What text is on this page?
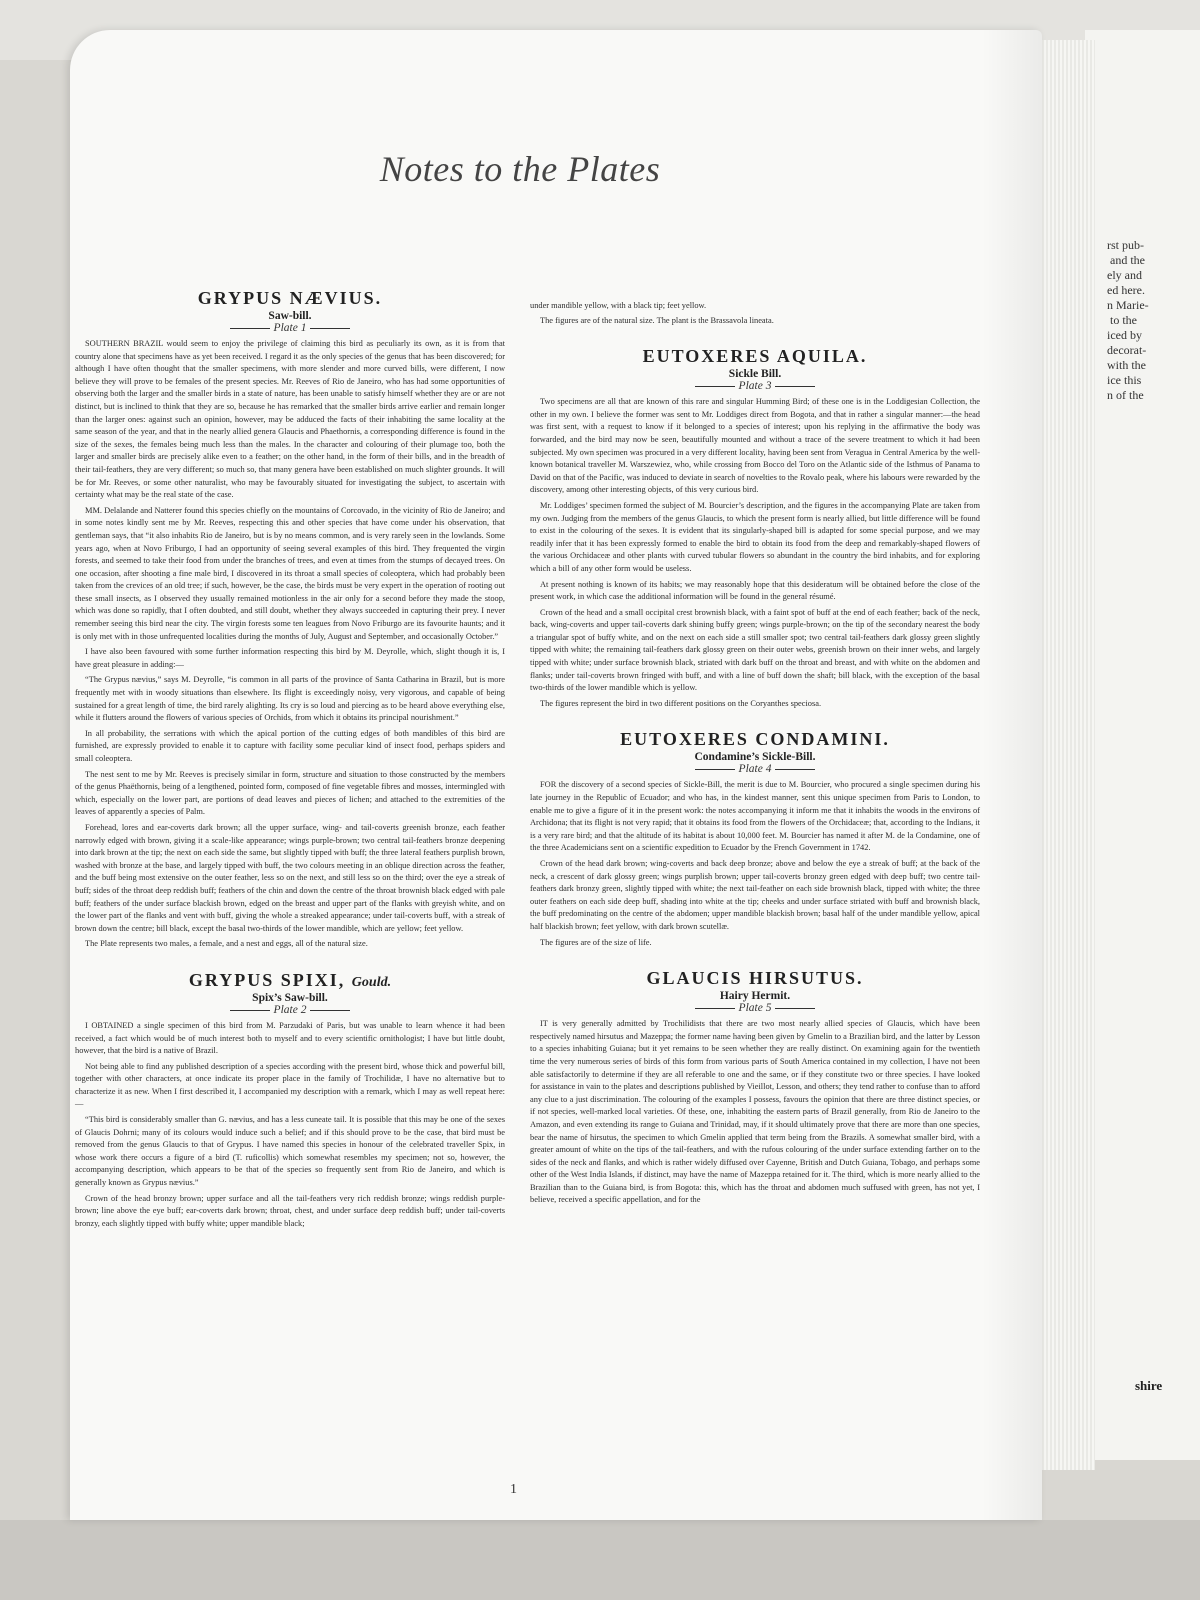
rst pub-
and the
ely and
ed here.
n Marie-
to the
iced by
decorat-
with the
ice this
n of the
shire
Notes to the Plates
GRYPUS NÆVIUS.
Saw-bill.
Plate 1

SOUTHERN BRAZIL would seem to enjoy the privilege of claiming this bird as peculiarly its own, as it is from that country alone that specimens have as yet been received. I regard it as the only species of the genus that has been discovered; for although I have often thought that the smaller specimens, with more slender and more curved bills, were different, I now believe they will prove to be females of the present species. Mr. Reeves of Rio de Janeiro, who has had some opportunities of observing both the larger and the smaller birds in a state of nature, has been unable to satisfy himself whether they are or are not distinct, but is inclined to think that they are so, because he has remarked that the smaller birds arrive earlier and remain longer than the larger ones: against such an opinion, however, may be adduced the facts of their inhabiting the same locality at the same season of the year, and that in the nearly allied genera Glaucis and Phaethornis, a corresponding difference is found in the size of the sexes, the females being much less than the males. In the character and colouring of their plumage too, both the larger and smaller birds are precisely alike even to a feather; on the other hand, in the form of their bills, and in the breadth of their tail-feathers, they are very different; so much so, that many genera have been established on much slighter grounds. It will be for Mr. Reeves, or some other naturalist, who may be favourably situated for investigating the subject, to ascertain with certainty what may be the real state of the case.

MM. Delalande and Natterer found this species chiefly on the mountains of Corcovado, in the vicinity of Rio de Janeiro; and in some notes kindly sent me by Mr. Reeves, respecting this and other species that have come under his observation, that gentleman says, that “it also inhabits Rio de Janeiro, but is by no means common, and is very rarely seen in the lowlands. Some years ago, when at Novo Friburgo, I had an opportunity of seeing several examples of this bird. They frequented the virgin forests, and seemed to take their food from under the branches of trees, and even at times from the stumps of decayed trees. On one occasion, after shooting a fine male bird, I discovered in its throat a small species of coleoptera, which had probably been taken from the crevices of an old tree; if such, however, be the case, the birds must be very expert in the operation of rooting out these small insects, as I observed they usually remained motionless in the air only for a second before they made the stoop, which was done so rapidly, that I often doubted, and still doubt, whether they always succeeded in capturing their prey. I never remember seeing this bird near the city. The virgin forests some ten leagues from Novo Friburgo are its favourite haunts; and it is only met with in those unfrequented localities during the months of July, August and September, and occasionally October.”

I have also been favoured with some further information respecting this bird by M. Deyrolle, which, slight though it is, I have great pleasure in adding:—

“The Grypus nævius,” says M. Deyrolle, “is common in all parts of the province of Santa Catharina in Brazil, but is more frequently met with in woody situations than elsewhere. Its flight is exceedingly noisy, very vigorous, and capable of being sustained for a great length of time, the bird rarely alighting. Its cry is so loud and piercing as to be heard above everything else, while it flutters around the flowers of various species of Orchids, from which it obtains its principal nourishment.”

In all probability, the serrations with which the apical portion of the cutting edges of both mandibles of this bird are furnished, are expressly provided to enable it to capture with facility some peculiar kind of insect food, perhaps spiders and small coleoptera.

The nest sent to me by Mr. Reeves is precisely similar in form, structure and situation to those constructed by the members of the genus Phaëthornis, being of a lengthened, pointed form, composed of fine vegetable fibres and mosses, intermingled with which, especially on the lower part, are portions of dead leaves and pieces of lichen; and attached to the extremities of the leaves of apparently a species of Palm.

Forehead, lores and ear-coverts dark brown; all the upper surface, wing- and tail-coverts greenish bronze, each feather narrowly edged with brown, giving it a scale-like appearance; wings purple-brown; two central tail-feathers bronze deepening into dark brown at the tip; the next on each side the same, but slightly tipped with buff; the three lateral feathers purplish brown, washed with bronze at the base, and largely tipped with buff, the two colours meeting in an oblique direction across the feather, and the buff being most extensive on the outer feather, less so on the next, and still less so on the third; over the eye a streak of buff; sides of the throat deep reddish buff; feathers of the chin and down the centre of the throat brownish black edged with pale buff; feathers of the under surface blackish brown, edged on the breast and upper part of the flanks with greyish white, and on the lower part of the flanks and vent with buff, giving the whole a streaked appearance; under tail-coverts buff, with a streak of brown down the centre; bill black, except the basal two-thirds of the lower mandible, which are yellow; feet yellow.

The Plate represents two males, a female, and a nest and eggs, all of the natural size.

GRYPUS SPIXI, Gould.
Spix’s Saw-bill.
Plate 2

I OBTAINED a single specimen of this bird from M. Parzudaki of Paris, but was unable to learn whence it had been received, a fact which would be of much interest both to myself and to every scientific ornithologist; I have but little doubt, however, that the bird is a native of Brazil.

Not being able to find any published description of a species according with the present bird, whose thick and powerful bill, together with other characters, at once indicate its proper place in the family of Trochilidæ, I have no alternative but to characterize it as new. When I first described it, I accompanied my description with a remark, which I may as well repeat here:—

“This bird is considerably smaller than G. nævius, and has a less cuneate tail. It is possible that this may be one of the sexes of Glaucis Dohrni; many of its colours would induce such a belief; and if this should prove to be the case, that bird must be removed from the genus Glaucis to that of Grypus. I have named this species in honour of the celebrated traveller Spix, in whose work there occurs a figure of a bird (T. ruficollis) which somewhat resembles my specimen; not so, however, the accompanying description, which appears to be that of the species so frequently sent from Rio de Janeiro, and which is generally known as Grypus nævius.”

Crown of the head bronzy brown; upper surface and all the tail-feathers very rich reddish bronze; wings reddish purple-brown; line above the eye buff; ear-coverts dark brown; throat, chest, and under surface deep reddish buff; under tail-coverts bronzy, each slightly tipped with buffy white; upper mandible black;

under mandible yellow, with a black tip; feet yellow.

The figures are of the natural size. The plant is the Brassavola lineata.

EUTOXERES AQUILA.
Sickle Bill.
Plate 3

Two specimens are all that are known of this rare and singular Humming Bird; of these one is in the Loddigesian Collection, the other in my own. I believe the former was sent to Mr. Loddiges direct from Bogota, and that in rather a singular manner:—the head was first sent, with a request to know if it belonged to a species of interest; upon his replying in the affirmative the body was forwarded, and the bird may now be seen, beautifully mounted and without a trace of the severe treatment to which it had been subjected. My own specimen was procured in a very different locality, having been sent from Veragua in Central America by the well-known botanical traveller M. Warszewiez, who, while crossing from Bocco del Toro on the Atlantic side of the Isthmus of Panama to David on that of the Pacific, was induced to deviate in search of novelties to the Rovalo peak, where his labours were rewarded by the discovery, among other interesting objects, of this very curious bird.

Mr. Loddiges’ specimen formed the subject of M. Bourcier’s description, and the figures in the accompanying Plate are taken from my own. Judging from the members of the genus Glaucis, to which the present form is nearly allied, but little difference will be found to exist in the colouring of the sexes. It is evident that its singularly-shaped bill is adapted for some special purpose, and we may readily infer that it has been expressly formed to enable the bird to obtain its food from the deep and remarkably-shaped flowers of the various Orchidaceæ and other plants with curved tubular flowers so abundant in the country the bird inhabits, and for exploring which a bill of any other form would be useless.

At present nothing is known of its habits; we may reasonably hope that this desideratum will be obtained before the close of the present work, in which case the additional information will be found in the general résumé.

Crown of the head and a small occipital crest brownish black, with a faint spot of buff at the end of each feather; back of the neck, back, wing-coverts and upper tail-coverts dark shining buffy green; wings purple-brown; on the tip of the secondary nearest the body a triangular spot of buffy white, and on the next on each side a still smaller spot; two central tail-feathers dark glossy green slightly tipped with white; the remaining tail-feathers dark glossy green on their outer webs, greenish brown on their inner webs, and largely tipped with white; under surface brownish black, striated with dark buff on the throat and breast, and with white on the abdomen and flanks; under tail-coverts brown fringed with buff, and with a line of buff down the shaft; bill black, with the exception of the basal two-thirds of the lower mandible which is yellow.

The figures represent the bird in two different positions on the Coryanthes speciosa.

EUTOXERES CONDAMINI.
Condamine’s Sickle-Bill.
Plate 4

FOR the discovery of a second species of Sickle-Bill, the merit is due to M. Bourcier, who procured a single specimen during his late journey in the Republic of Ecuador; and who has, in the kindest manner, sent this unique specimen from Paris to London, to enable me to give a figure of it in the present work: the notes accompanying it inform me that it inhabits the woods in the environs of Archidona; that its flight is not very rapid; that it obtains its food from the flowers of the Orchidaceæ; that, according to the Indians, it is a very rare bird; and that the altitude of its habitat is about 10,000 feet. M. Bourcier has named it after M. de la Condamine, one of the three Academicians sent on a scientific expedition to Ecuador by the French Government in 1742.

Crown of the head dark brown; wing-coverts and back deep bronze; above and below the eye a streak of buff; at the back of the neck, a crescent of dark glossy green; wings purplish brown; upper tail-coverts bronzy green edged with deep buff; two centre tail-feathers dark bronzy green, slightly tipped with white; the next tail-feather on each side brownish black, tipped with white; the three outer feathers on each side deep buff, shading into white at the tip; cheeks and under surface striated with buff and brownish black, the buff predominating on the centre of the abdomen; upper mandible blackish brown; basal half of the under mandible yellow, apical half blackish brown; feet yellow, with dark brown scutellæ.

The figures are of the size of life.

GLAUCIS HIRSUTUS.
Hairy Hermit.
Plate 5

IT is very generally admitted by Trochilidists that there are two most nearly allied species of Glaucis, which have been respectively named hirsutus and Mazeppa; the former name having been given by Gmelin to a Brazilian bird, and the latter by Lesson to a species inhabiting Guiana; but it yet remains to be seen whether they are really distinct. On examining again for the twentieth time the very numerous series of birds of this form from various parts of South America contained in my collection, I have not been able satisfactorily to determine if they are all referable to one and the same, or if they constitute two or three species. I have looked for assistance in vain to the plates and descriptions published by Vieillot, Lesson, and others; they tend rather to confuse than to afford any clue to a just discrimination. The colouring of the examples I possess, favours the opinion that there are three distinct species, or if not species, well-marked local varieties. Of these, one, inhabiting the eastern parts of Brazil generally, from Rio de Janeiro to the Amazon, and even extending its range to Guiana and Trinidad, may, if it should ultimately prove that there are more than one species, bear the name of hirsutus, the specimen to which Gmelin applied that term being from the Brazils. A somewhat smaller bird, with a greater amount of white on the tips of the tail-feathers, and with the rufous colouring of the under surface extending farther on to the sides of the neck and flanks, and which is rather widely diffused over Cayenne, British and Dutch Guiana, Tobago, and perhaps some other of the West India Islands, if distinct, may have the name of Mazeppa retained for it. The third, which is more nearly allied to the Brazilian than to the Guiana bird, is from Bogota: this, which has the throat and abdomen much suffused with green, has not yet, I believe, received a specific appellation, and for the

1
